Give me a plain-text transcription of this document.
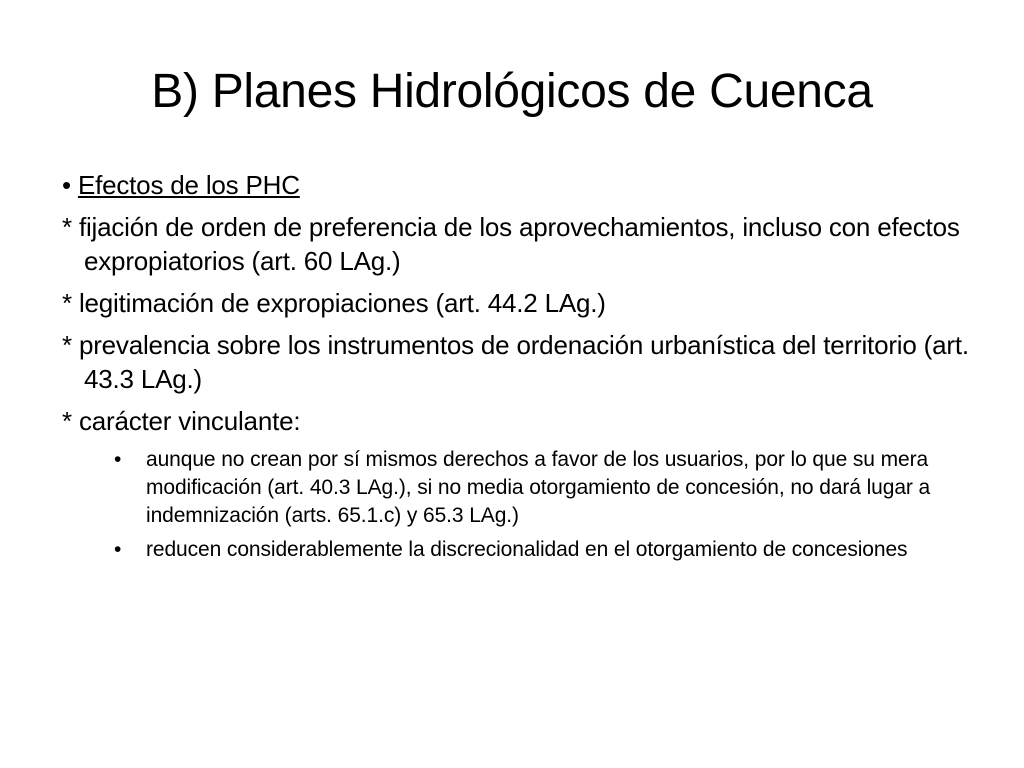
B) Planes Hidrológicos de Cuenca

• Efectos de los PHC

* fijación de orden de preferencia de los aprovechamientos, incluso con efectos expropiatorios (art. 60 LAg.)

* legitimación de expropiaciones (art. 44.2 LAg.)

* prevalencia sobre los instrumentos de ordenación urbanística del territorio (art. 43.3 LAg.)

* carácter vinculante:

• aunque no crean por sí mismos derechos a favor de los usuarios, por lo que su mera modificación (art. 40.3 LAg.), si no media otorgamiento de concesión, no dará lugar a indemnización (arts. 65.1.c) y 65.3 LAg.)
• reducen considerablemente la discrecionalidad en el otorgamiento de concesiones
